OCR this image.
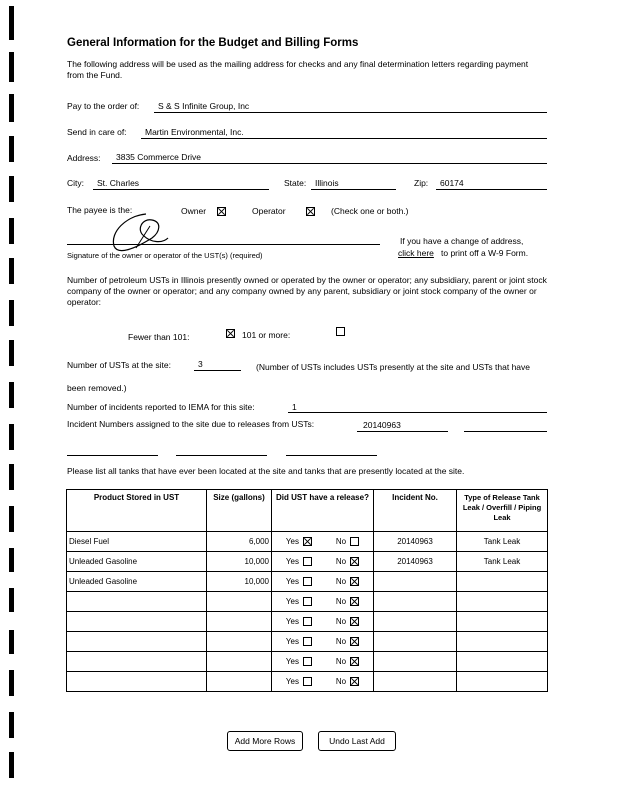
General Information for the Budget and Billing Forms
The following address will be used as the mailing address for checks and any final determination letters regarding payment from the Fund.
Pay to the order of: S & S Infinite Group, Inc
Send in care of: Martin Environmental, Inc.
Address: 3835 Commerce Drive
City: St. Charles	State: Illinois	Zip: 60174
The payee is the:	Owner
	Operator
	(Check one or both.)
Signature of the owner or operator of the UST(s) (required)
If you have a change of address,
click here to print off a W-9 Form.
Number of petroleum USTs in Illinois presently owned or operated by the owner or operator; any subsidiary, parent or joint stock company of the owner or operator; and any company owned by any parent, subsidiary or joint stock company of the owner or operator:
Fewer than 101:
	101 or more:
Number of USTs at the site:	3	(Number of USTs includes USTs presently at the site and USTs that have been removed.)
Number of incidents reported to IEMA for this site:	1
Incident Numbers assigned to the site due to releases from USTs:	20140963
Please list all tanks that have ever been located at the site and tanks that are presently located at the site.
Product Stored in UST	Size (gallons)	Did UST have a release?	Incident No.	Type of Release Tank Leak / Overfill / Piping Leak
Diesel Fuel	6,000	Yes No	20140963	Tank Leak
Unleaded Gasoline	10,000	Yes No	20140963	Tank Leak
Unleaded Gasoline	10,000	Yes No		

		Yes No		

		Yes No		

		Yes No		

		Yes No		

		Yes No		

Add More Rows	Undo Last Add
